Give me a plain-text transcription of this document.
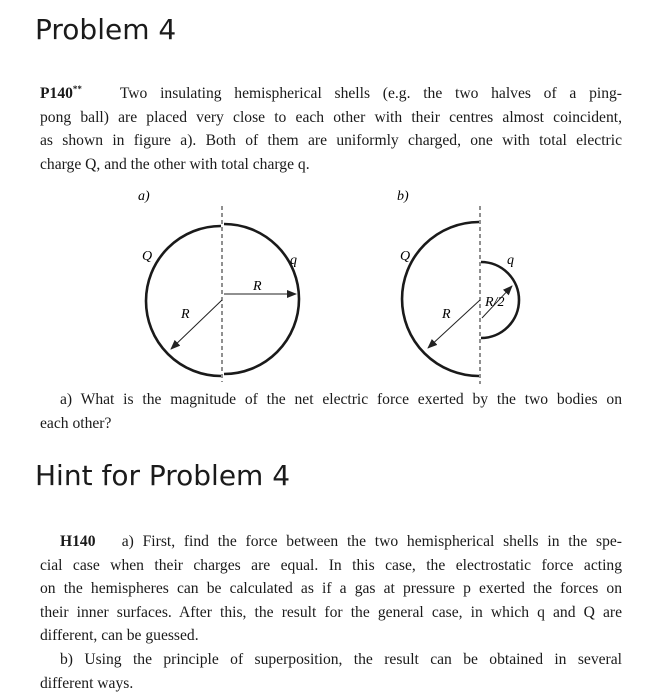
Problem 4
P140** Two insulating hemispherical shells (e.g. the two halves of a ping-
pong ball) are placed very close to each other with their centres almost coincident,
as shown in figure a). Both of them are uniformly charged, one with total electric
charge Q, and the other with total charge q.
a)
Q	q
R
R
b)
Q	q
R
R/2
a) What is the magnitude of the net electric force exerted by the two bodies on
each other?
Hint for Problem 4
H140 a) First, find the force between the two hemispherical shells in the spe-
cial case when their charges are equal. In this case, the electrostatic force acting
on the hemispheres can be calculated as if a gas at pressure p exerted the forces on
their inner surfaces. After this, the result for the general case, in which q and Q are
different, can be guessed.
b) Using the principle of superposition, the result can be obtained in several
different ways.
